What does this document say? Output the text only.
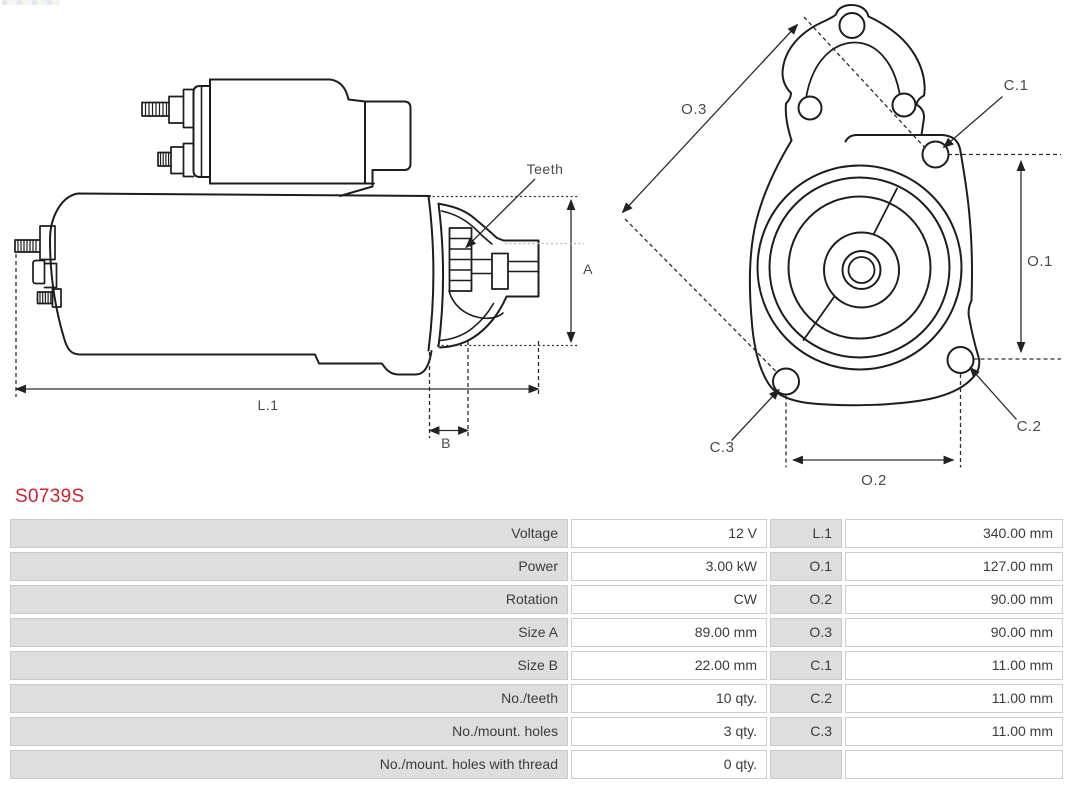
Teeth
A
B
L.1
O.3
C.1
O.1
C.2
C.3
O.2
S0739S
Voltage	12 V	L.1	340.00 mm
Power	3.00 kW	O.1	127.00 mm
Rotation	CW	O.2	90.00 mm
Size A	89.00 mm	O.3	90.00 mm
Size B	22.00 mm	C.1	11.00 mm
No./teeth	10 qty.	C.2	11.00 mm
No./mount. holes	3 qty.	C.3	11.00 mm
No./mount. holes with thread	0 qty.
